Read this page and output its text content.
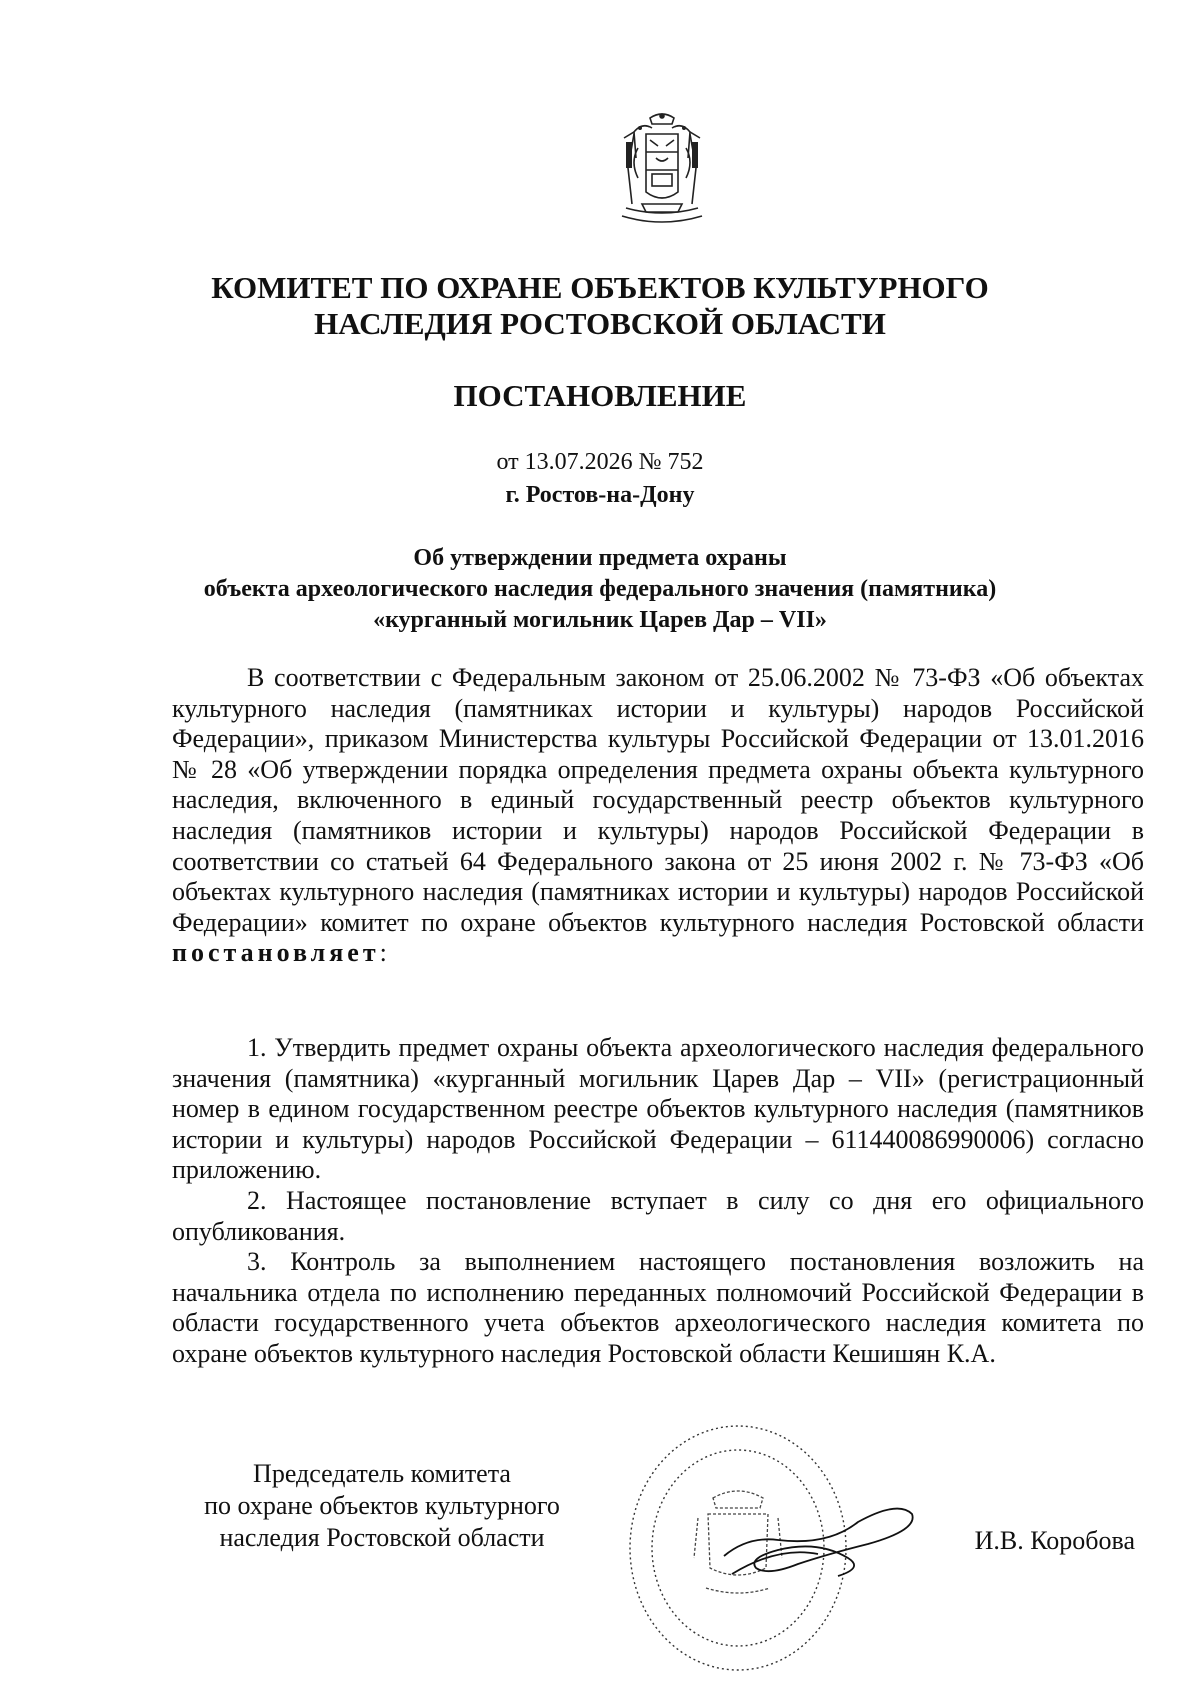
КОМИТЕТ ПО ОХРАНЕ ОБЪЕКТОВ КУЛЬТУРНОГО
НАСЛЕДИЯ РОСТОВСКОЙ ОБЛАСТИ
ПОСТАНОВЛЕНИЕ
от 13.07.2026 № 752
г. Ростов-на-Дону
Об утверждении предмета охраны
объекта археологического наследия федерального значения (памятника)
«курганный могильник Царев Дар – VII»

В соответствии с Федеральным законом от 25.06.2002 № 73-ФЗ «Об объектах культурного наследия (памятниках истории и культуры) народов Российской Федерации», приказом Министерства культуры Российской Федерации от 13.01.2016 № 28 «Об утверждении порядка определения предмета охраны объекта культурного наследия, включенного в единый государственный реестр объектов культурного наследия (памятников истории и культуры) народов Российской Федерации в соответствии со статьей 64 Федерального закона от 25 июня 2002 г. № 73-ФЗ «Об объектах культурного наследия (памятниках истории и культуры) народов Российской Федерации» комитет по охране объектов культурного наследия Ростовской области постановляет:

1. Утвердить предмет охраны объекта археологического наследия федерального значения (памятника) «курганный могильник Царев Дар – VII» (регистрационный номер в едином государственном реестре объектов культурного наследия (памятников истории и культуры) народов Российской Федерации – 611440086990006) согласно приложению.

2. Настоящее постановление вступает в силу со дня его официального опубликования.

3. Контроль за выполнением настоящего постановления возложить на начальника отдела по исполнению переданных полномочий Российской Федерации в области государственного учета объектов археологического наследия комитета по охране объектов культурного наследия Ростовской области Кешишян К.А.

Председатель комитета
по охране объектов культурного
наследия Ростовской области	И.В. Коробова
